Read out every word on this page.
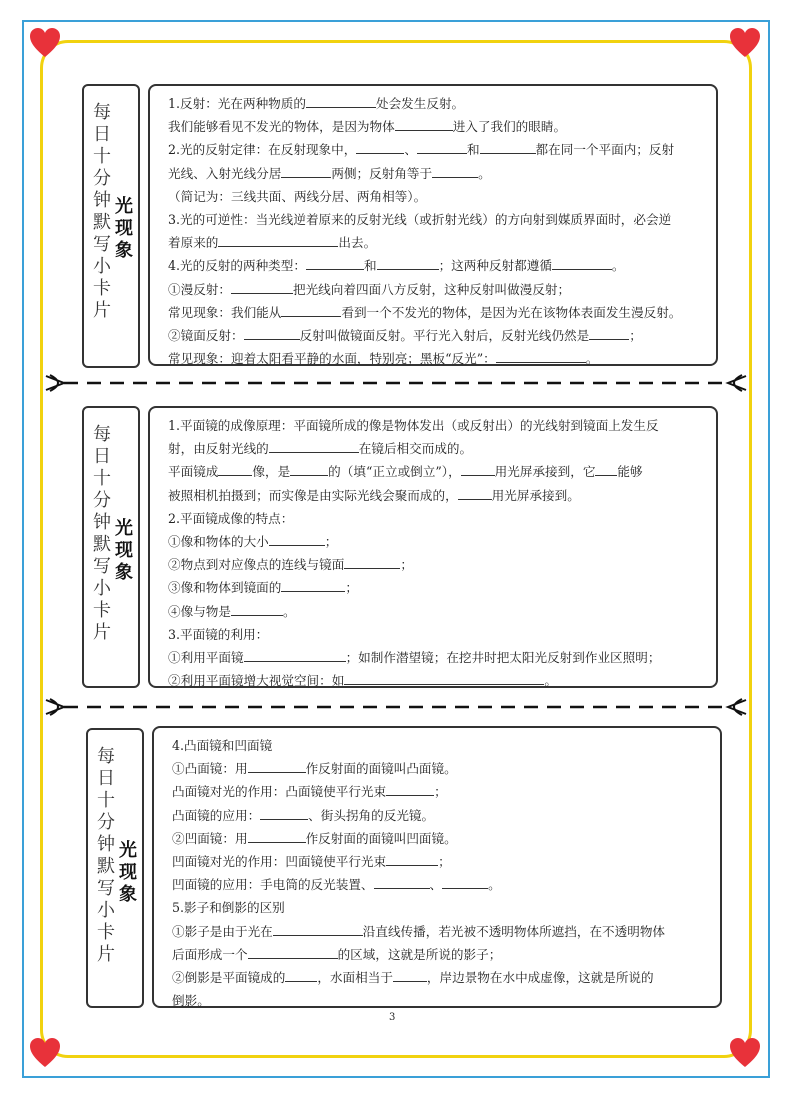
每日十分钟默写小卡片
光现象
1.反射：光在两种物质的	处会发生反射。
我们能够看见不发光的物体，是因为物体	进入了我们的眼睛。
2.光的反射定律：在反射现象中，	、	和	都在同一个平面内；反射
光线、入射光线分居	两侧；反射角等于	。
（简记为：三线共面、两线分居、两角相等）。
3.光的可逆性：当光线逆着原来的反射光线（或折射光线）的方向射到媒质界面时，必会逆
着原来的	出去。
4.光的反射的两种类型：	和	；这两种反射都遵循	。
①漫反射：	把光线向着四面八方反射，这种反射叫做漫反射；
常见现象：我们能从	看到一个不发光的物体，是因为光在该物体表面发生漫反射。
②镜面反射：	反射叫做镜面反射。平行光入射后，反射光线仍然是	；
常见现象：迎着太阳看平静的水面，特别亮；黑板“反光”：	。
每日十分钟默写小卡片
光现象
1.平面镜的成像原理：平面镜所成的像是物体发出（或反射出）的光线射到镜面上发生反
射，由反射光线的	在镜后相交而成的。
平面镜成	像，是	的（填“正立或倒立”），	用光屏承接到，它 能够
被照相机拍摄到；而实像是由实际光线会聚而成的，	用光屏承接到。
2.平面镜成像的特点：
①像和物体的大小	；
②物点到对应像点的连线与镜面	；
③像和物体到镜面的	；
④像与物是	。
3.平面镜的利用：
①利用平面镜	；如制作潜望镜；在挖井时把太阳光反射到作业区照明；
②利用平面镜增大视觉空间：如	。
每日十分钟默写小卡片
光现象
4.凸面镜和凹面镜
①凸面镜：用	作反射面的面镜叫凸面镜。
凸面镜对光的作用：凸面镜使平行光束	；
凸面镜的应用：	、街头拐角的反光镜。
②凹面镜：用	作反射面的面镜叫凹面镜。
凹面镜对光的作用：凹面镜使平行光束	；
凹面镜的应用：手电筒的反光装置、	、	。
5.影子和倒影的区别
①影子是由于光在	沿直线传播，若光被不透明物体所遮挡，在不透明物体
后面形成一个	的区域，这就是所说的影子；
②倒影是平面镜成的	，水面相当于	，岸边景物在水中成虚像，这就是所说的
倒影。
3
